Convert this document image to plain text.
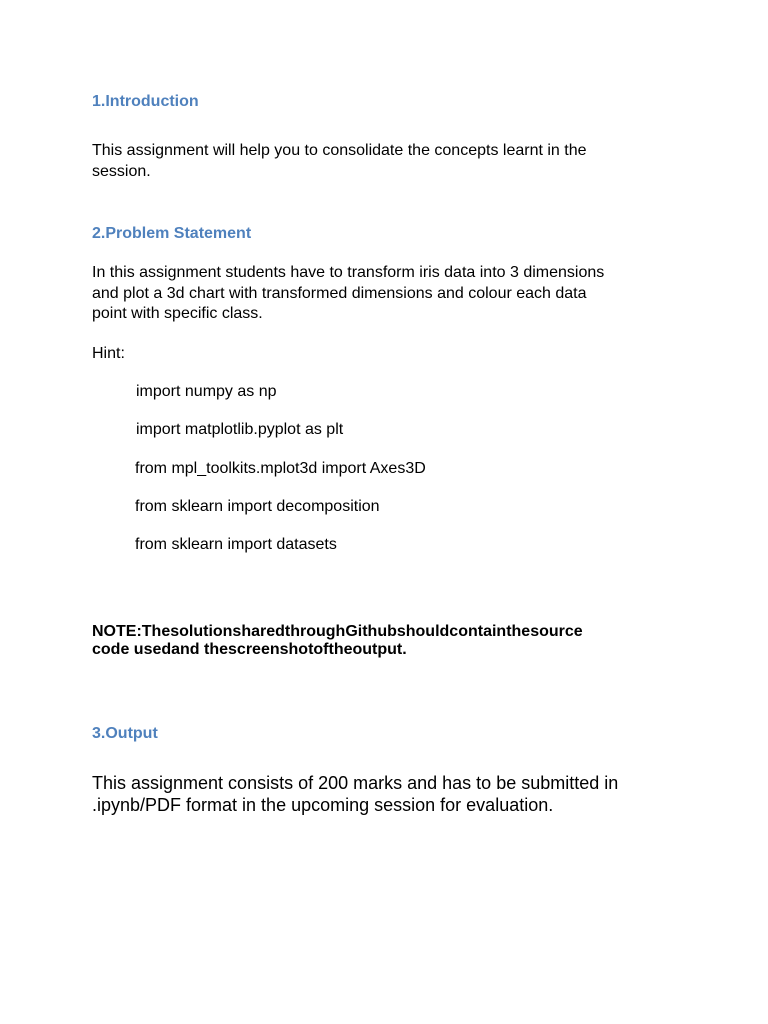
1.Introduction

This assignment will help you to consolidate the concepts learnt in the
session.

2.Problem Statement

In this assignment students have to transform iris data into 3 dimensions
and plot a 3d chart with transformed dimensions and colour each data
point with specific class.

Hint:

import numpy as np

import matplotlib.pyplot as plt

from mpl_toolkits.mplot3d import Axes3D

from sklearn import decomposition

from sklearn import datasets

NOTE:ThesolutionsharedthroughGithubshouldcontainthesource
code usedand thescreenshotoftheoutput.

3.Output

This assignment consists of 200 marks and has to be submitted in
.ipynb/PDF format in the upcoming session for evaluation.
